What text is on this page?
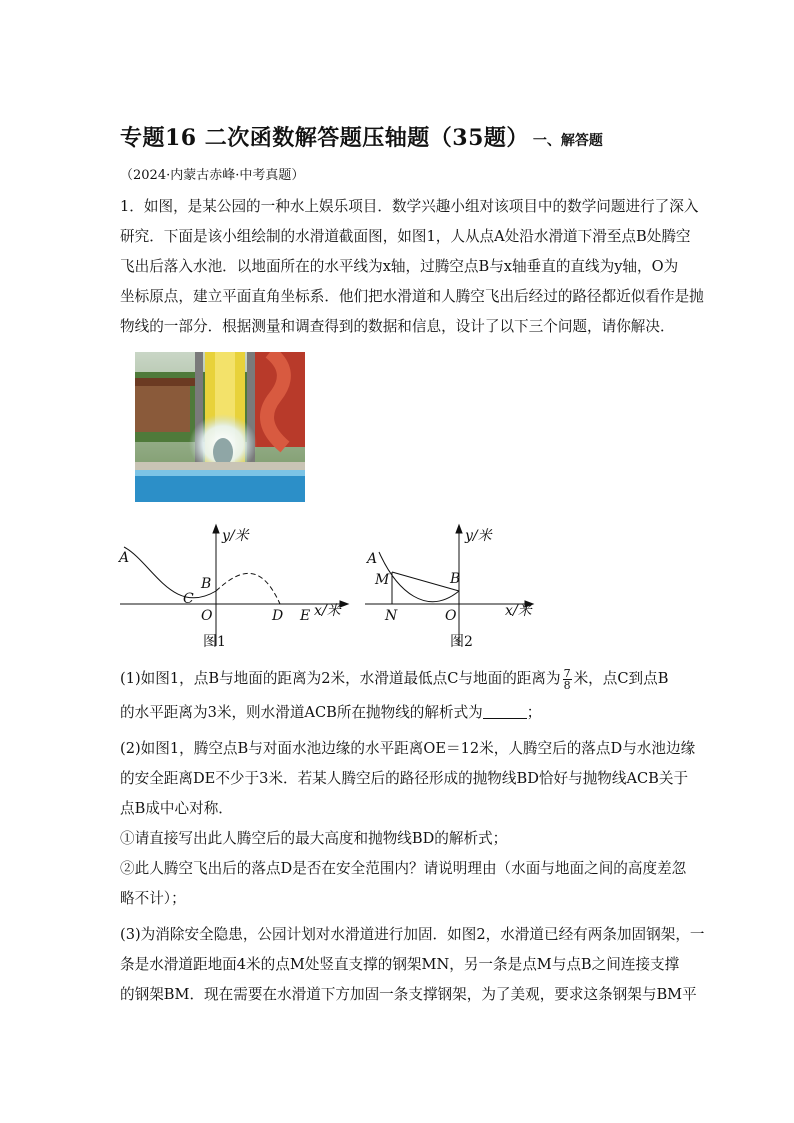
专题16 二次函数解答题压轴题（35题） 一、解答题
（2024·内蒙古赤峰·中考真题）
1．如图，是某公园的一种水上娱乐项目．数学兴趣小组对该项目中的数学问题进行了深入
研究．下面是该小组绘制的水滑道截面图，如图1，人从点A处沿水滑道下滑至点B处腾空
飞出后落入水池．以地面所在的水平线为x轴，过腾空点B与x轴垂直的直线为y轴，O为
坐标原点，建立平面直角坐标系．他们把水滑道和人腾空飞出后经过的路径都近似看作是抛
物线的一部分．根据测量和调查得到的数据和信息，设计了以下三个问题，请你解决．
A
B
C
O	D E x/米
y/米
图1
A
M	B
N	O	x/米
y/米
图2
(1)如图1，点B与地面的距离为2米，水滑道最低点C与地面的距离为 $\frac{7}{8}$ 米，点C到点B
的水平距离为3米，则水滑道ACB所在抛物线的解析式为	；
(2)如图1，腾空点B与对面水池边缘的水平距离OE＝12米，人腾空后的落点D与水池边缘
的安全距离DE不少于3米．若某人腾空后的路径形成的抛物线BD恰好与抛物线ACB关于
点B成中心对称．
①请直接写出此人腾空后的最大高度和抛物线BD的解析式；
②此人腾空飞出后的落点D是否在安全范围内？请说明理由（水面与地面之间的高度差忽
略不计）；
(3)为消除安全隐患，公园计划对水滑道进行加固．如图2，水滑道已经有两条加固钢架，一
条是水滑道距地面4米的点M处竖直支撑的钢架MN，另一条是点M与点B之间连接支撑
的钢架BM．现在需要在水滑道下方加固一条支撑钢架，为了美观，要求这条钢架与BM平
